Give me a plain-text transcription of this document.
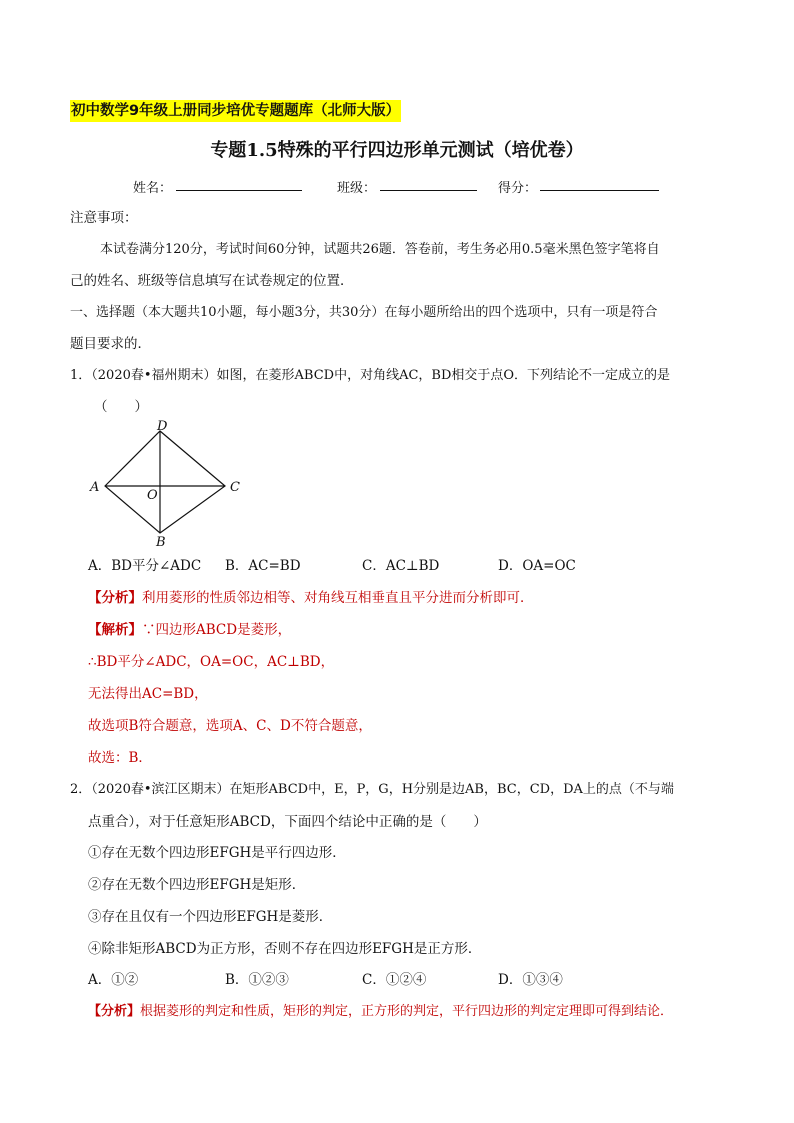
初中数学9年级上册同步培优专题题库（北师大版）
专题1.5特殊的平行四边形单元测试（培优卷）
姓名：	班级：	得分：
注意事项：
本试卷满分120分，考试时间60分钟，试题共26题．答卷前，考生务必用0.5毫米黑色签字笔将自
己的姓名、班级等信息填写在试卷规定的位置．
一、选择题（本大题共10小题，每小题3分，共30分）在每小题所给出的四个选项中，只有一项是符合
题目要求的．
1．（2020春•福州期末）如图，在菱形ABCD中，对角线AC，BD相交于点O．下列结论不一定成立的是
（　　）
D
A	C
B
O
A．BD平分∠ADC B．AC=BD	C．AC⊥BD	D．OA=OC
【分析】利用菱形的性质邻边相等、对角线互相垂直且平分进而分析即可．
【解析】∵四边形ABCD是菱形，
∴BD平分∠ADC，OA=OC，AC⊥BD，
无法得出AC=BD，
故选项B符合题意，选项A、C、D不符合题意，
故选：B．
2．（2020春•滨江区期末）在矩形ABCD中，E，P，G，H分别是边AB，BC，CD，DA上的点（不与端
点重合），对于任意矩形ABCD，下面四个结论中正确的是（　　）
①存在无数个四边形EFGH是平行四边形．
②存在无数个四边形EFGH是矩形．
③存在且仅有一个四边形EFGH是菱形．
④除非矩形ABCD为正方形，否则不存在四边形EFGH是正方形．
A．①②	B．①②③	C．①②④	D．①③④
【分析】根据菱形的判定和性质，矩形的判定，正方形的判定，平行四边形的判定定理即可得到结论．
